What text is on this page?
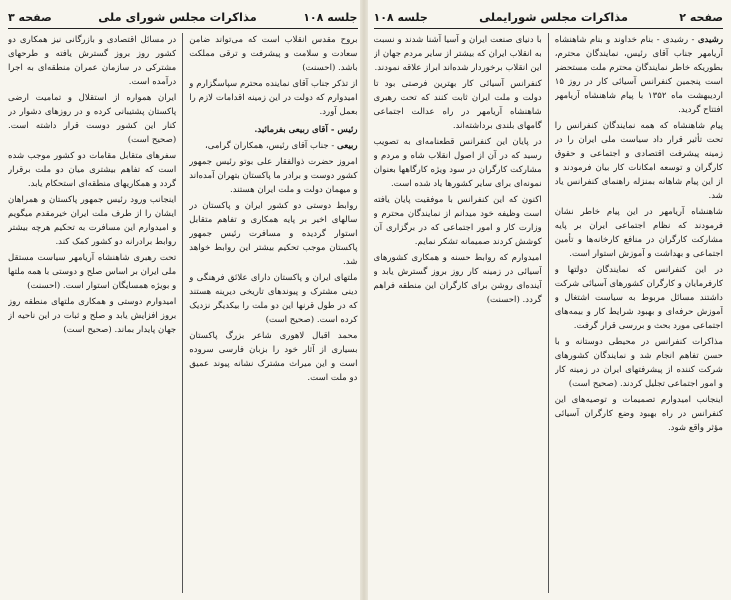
صفحه ۲
مذاکرات مجلس شورایملی
جلسه ۱۰۸

رشیدی - رشیدی - بنام خداوند و بنام شاهنشاه آریامهر جناب آقای رئیس، نمایندگان محترم، بطوریکه خاطر نمایندگان محترم ملت مستحضر است پنجمین کنفرانس آسیائی کار در روز ۱۵ اردیبهشت ماه ۱۳۵۲ با پیام شاهنشاه آریامهر افتتاح گردید.

پیام شاهنشاه که همه نمایندگان کنفرانس را تحت تأثیر قرار داد سیاست ملی ایران را در زمینه پیشرفت اقتصادی و اجتماعی و حقوق کارگران و توسعه امکانات کار بیان فرمودند و از این پیام شاهانه بمنزله راهنمای کنفرانس یاد شد.

شاهنشاه آریامهر در این پیام خاطر نشان فرمودند که نظام اجتماعی ایران بر پایه مشارکت کارگران در منافع کارخانه‌ها و تأمین اجتماعی و بهداشت و آموزش استوار است.

در این کنفرانس که نمایندگان دولتها و کارفرمایان و کارگران کشورهای آسیائی شرکت داشتند مسائل مربوط به سیاست اشتغال و آموزش حرفه‌ای و بهبود شرایط کار و بیمه‌های اجتماعی مورد بحث و بررسی قرار گرفت.

مذاکرات کنفرانس در محیطی دوستانه و با حسن تفاهم انجام شد و نمایندگان کشورهای شرکت کننده از پیشرفتهای ایران در زمینه کار و امور اجتماعی تجلیل کردند. (صحیح است)

اینجانب امیدوارم تصمیمات و توصیه‌های این کنفرانس در راه بهبود وضع کارگران آسیائی مؤثر واقع شود.

با دنیای صنعت ایران و آسیا آشنا شدند و نسبت به انقلاب ایران که بیشتر از سایر مردم جهان از این انقلاب برخوردار شده‌اند ابراز علاقه نمودند.

کنفرانس آسیائی کار بهترین فرصتی بود تا دولت و ملت ایران ثابت کنند که تحت رهبری شاهنشاه آریامهر در راه عدالت اجتماعی گامهای بلندی برداشته‌اند.

در پایان این کنفرانس قطعنامه‌ای به تصویب رسید که در آن از اصول انقلاب شاه و مردم و مشارکت کارگران در سود ویژه کارگاهها بعنوان نمونه‌ای برای سایر کشورها یاد شده است.

اکنون که این کنفرانس با موفقیت پایان یافته است وظیفه خود میدانم از نمایندگان محترم و وزارت کار و امور اجتماعی که در برگزاری آن کوشش کردند صمیمانه تشکر نمایم.

امیدوارم که روابط حسنه و همکاری کشورهای آسیائی در زمینه کار روز بروز گسترش یابد و آینده‌ای روشن برای کارگران این منطقه فراهم گردد. (احسنت)

جلسه ۱۰۸
مذاکرات مجلس شورای ملی
صفحه ۳

بروح مقدس انقلاب است که می‌تواند ضامن سعادت و سلامت و پیشرفت و ترقی مملکت باشد. (احسنت)

از تذکر جناب آقای نماینده محترم سپاسگزارم و امیدوارم که دولت در این زمینه اقدامات لازم را بعمل آورد.

رئیس - آقای ربیعی بفرمائید.

ربیعی - جناب آقای رئیس، همکاران گرامی،

امروز حضرت ذوالفقار علی بوتو رئیس جمهور کشور دوست و برادر ما پاکستان بتهران آمده‌اند و میهمان دولت و ملت ایران هستند.

روابط دوستی دو کشور ایران و پاکستان در سالهای اخیر بر پایه همکاری و تفاهم متقابل استوار گردیده و مسافرت رئیس جمهور پاکستان موجب تحکیم بیشتر این روابط خواهد شد.

ملتهای ایران و پاکستان دارای علائق فرهنگی و دینی مشترک و پیوندهای تاریخی دیرینه هستند که در طول قرنها این دو ملت را بیکدیگر نزدیک کرده است. (صحیح است)

محمد اقبال لاهوری شاعر بزرگ پاکستان بسیاری از آثار خود را بزبان فارسی سروده است و این میراث مشترک نشانه پیوند عمیق دو ملت است.

در مسائل اقتصادی و بازرگانی نیز همکاری دو کشور روز بروز گسترش یافته و طرحهای مشترکی در سازمان عمران منطقه‌ای به اجرا درآمده است.

ایران همواره از استقلال و تمامیت ارضی پاکستان پشتیبانی کرده و در روزهای دشوار در کنار این کشور دوست قرار داشته است. (صحیح است)

سفرهای متقابل مقامات دو کشور موجب شده است که تفاهم بیشتری میان دو ملت برقرار گردد و همکاریهای منطقه‌ای استحکام یابد.

اینجانب ورود رئیس جمهور پاکستان و همراهان ایشان را از طرف ملت ایران خیرمقدم میگویم و امیدوارم این مسافرت به تحکیم هرچه بیشتر روابط برادرانه دو کشور کمک کند.

تحت رهبری شاهنشاه آریامهر سیاست مستقل ملی ایران بر اساس صلح و دوستی با همه ملتها و بویژه همسایگان استوار است. (احسنت)

امیدوارم دوستی و همکاری ملتهای منطقه روز بروز افزایش یابد و صلح و ثبات در این ناحیه از جهان پایدار بماند. (صحیح است)
